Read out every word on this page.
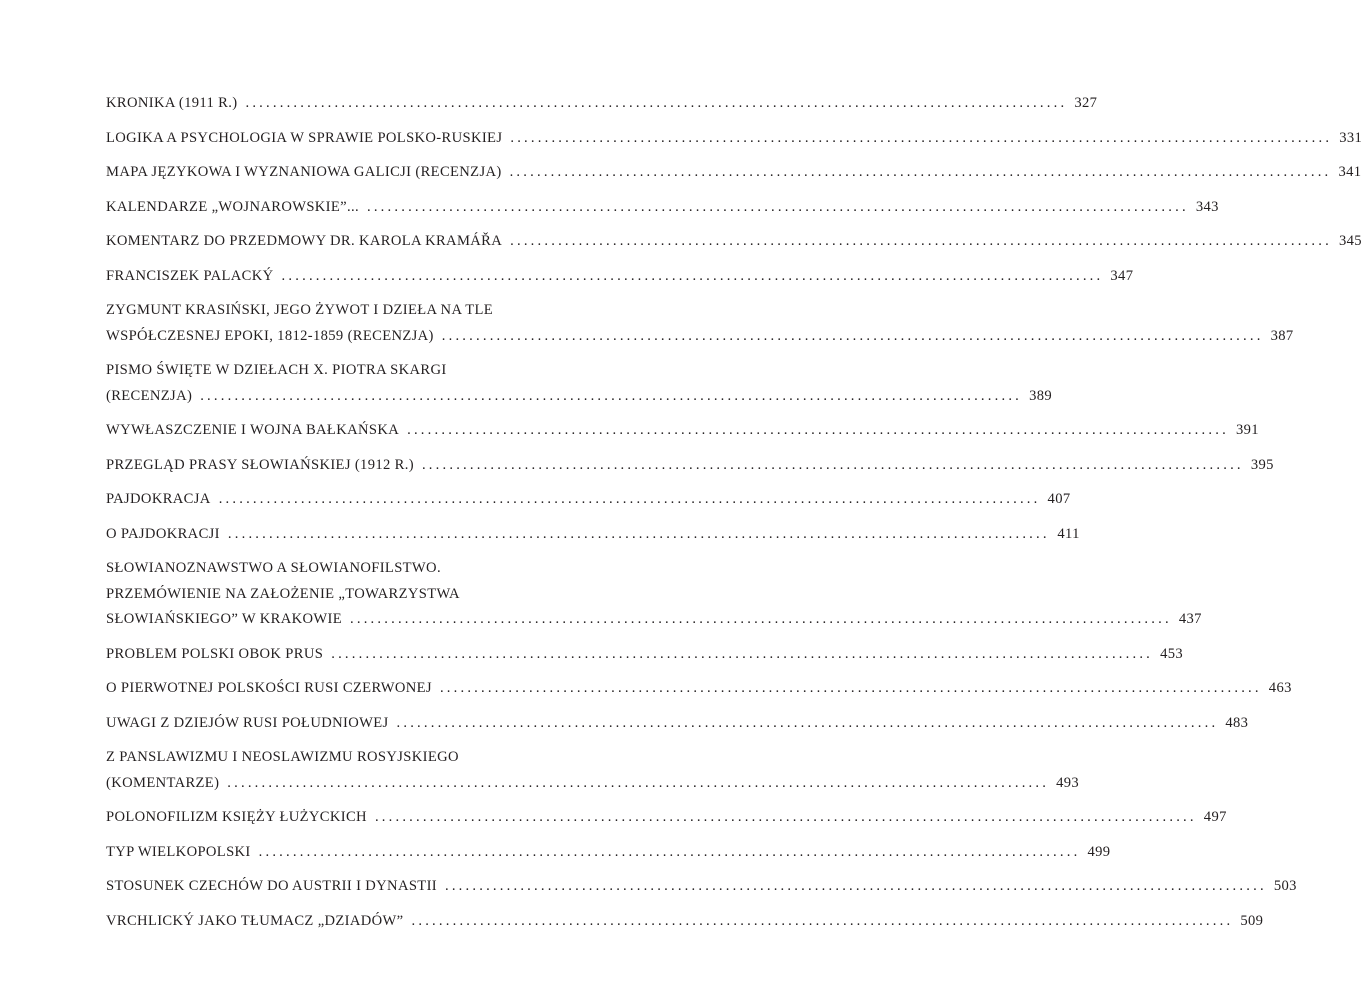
KRONIKA (1911 R.) ........................................................................................................................ 327
LOGIKA A PSYCHOLOGIA W SPRAWIE POLSKO-RUSKIEJ ........................................................................................................................ 331
MAPA JĘZYKOWA I WYZNANIOWA GALICJI (RECENZJA) ........................................................................................................................ 341
KALENDARZE „WOJNAROWSKIE”... ........................................................................................................................ 343
KOMENTARZ DO PRZEDMOWY DR. KAROLA KRAMÁŘA ........................................................................................................................ 345
FRANCISZEK PALACKÝ ........................................................................................................................ 347
ZYGMUNT KRASIŃSKI, JEGO ŻYWOT I DZIEŁA NA TLE
WSPÓŁCZESNEJ EPOKI, 1812-1859 (RECENZJA) ........................................................................................................................ 387
PISMO ŚWIĘTE W DZIEŁACH X. PIOTRA SKARGI
(RECENZJA) ........................................................................................................................ 389
WYWŁASZCZENIE I WOJNA BAŁKAŃSKA ........................................................................................................................ 391
PRZEGLĄD PRASY SŁOWIAŃSKIEJ (1912 R.) ........................................................................................................................ 395
PAJDOKRACJA ........................................................................................................................ 407
O PAJDOKRACJI ........................................................................................................................ 411
SŁOWIANOZNAWSTWO A SŁOWIANOFILSTWO.
PRZEMÓWIENIE NA ZAŁOŻENIE „TOWARZYSTWA
SŁOWIAŃSKIEGO” W KRAKOWIE ........................................................................................................................ 437
PROBLEM POLSKI OBOK PRUS ........................................................................................................................ 453
O PIERWOTNEJ POLSKOŚCI RUSI CZERWONEJ ........................................................................................................................ 463
UWAGI Z DZIEJÓW RUSI POŁUDNIOWEJ ........................................................................................................................ 483
Z PANSLAWIZMU I NEOSLAWIZMU ROSYJSKIEGO
(KOMENTARZE) ........................................................................................................................ 493
POLONOFILIZM KSIĘŻY ŁUŻYCKICH ........................................................................................................................ 497
TYP WIELKOPOLSKI ........................................................................................................................ 499
STOSUNEK CZECHÓW DO AUSTRII I DYNASTII ........................................................................................................................ 503
VRCHLICKÝ JAKO TŁUMACZ „DZIADÓW” ........................................................................................................................ 509
